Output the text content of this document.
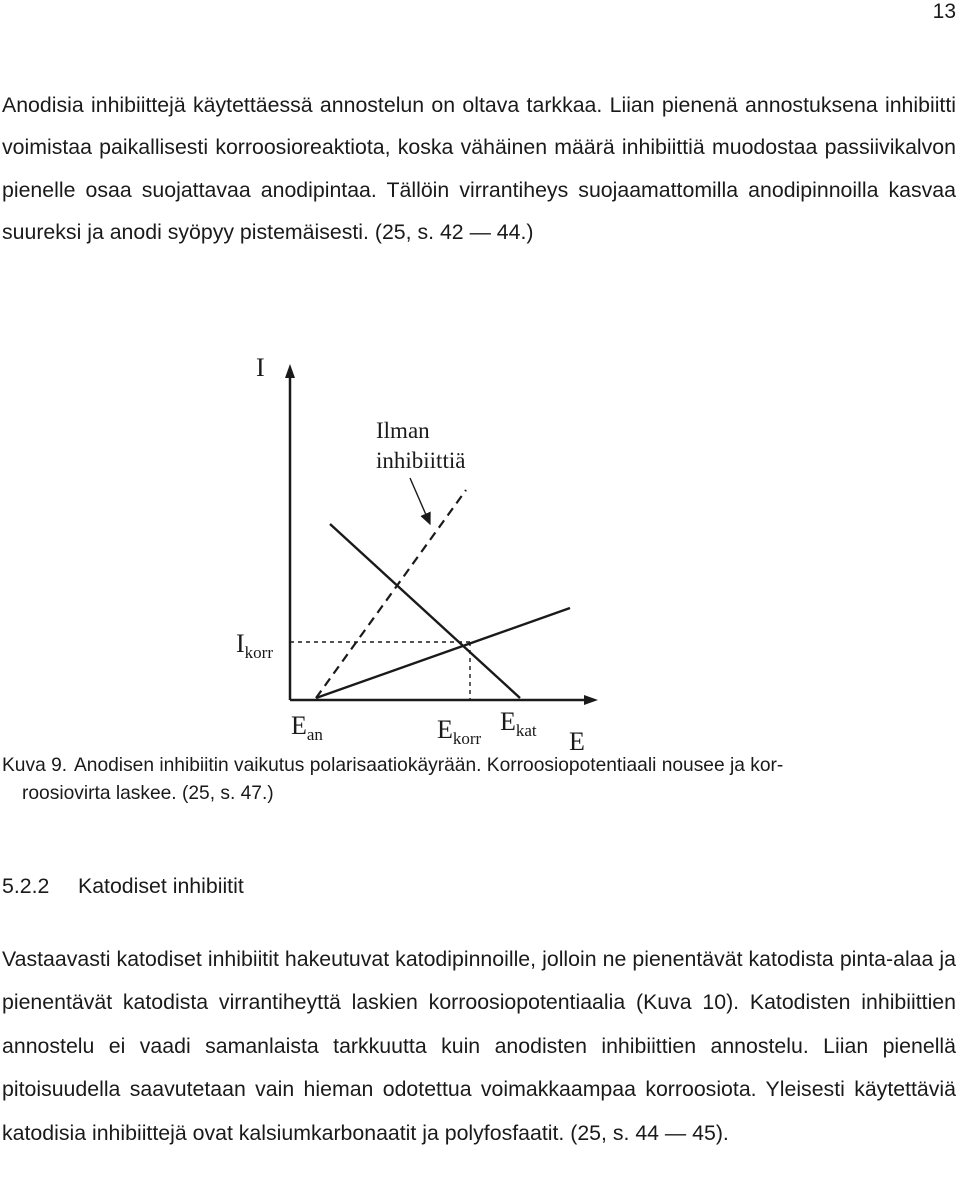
13
Anodisia inhibiittejä käytettäessä annostelun on oltava tarkkaa. Liian pienenä annostuksena inhibiitti voimistaa paikallisesti korroosioreaktiota, koska vähäinen määrä inhibiittiä muodostaa passiivikalvon pienelle osaa suojattavaa anodipintaa. Tällöin virrantiheys suojaamattomilla anodipinnoilla kasvaa suureksi ja anodi syöpyy pistemäisesti. (25, s. 42 — 44.)
I
E
Ilman
inhibiittiä
$I_{korr}$
$E_{an}$	$E_{korr}$
$E_{kat}$
Kuva 9. Anodisen inhibiitin vaikutus polarisaatiokäyrään. Korroosiopotentiaali nousee ja kor-
roosiovirta laskee. (25, s. 47.)
5.2.2	Katodiset inhibiitit
Vastaavasti katodiset inhibiitit hakeutuvat katodipinnoille, jolloin ne pienentävät katodista pinta-alaa ja pienentävät katodista virrantiheyttä laskien korroosiopotentiaalia (Kuva 10). Katodisten inhibiittien annostelu ei vaadi samanlaista tarkkuutta kuin anodisten inhibiittien annostelu. Liian pienellä pitoisuudella saavutetaan vain hieman odotettua voimakkaampaa korroosiota. Yleisesti käytettäviä katodisia inhibiittejä ovat kalsiumkarbonaatit ja polyfosfaatit. (25, s. 44 — 45).
